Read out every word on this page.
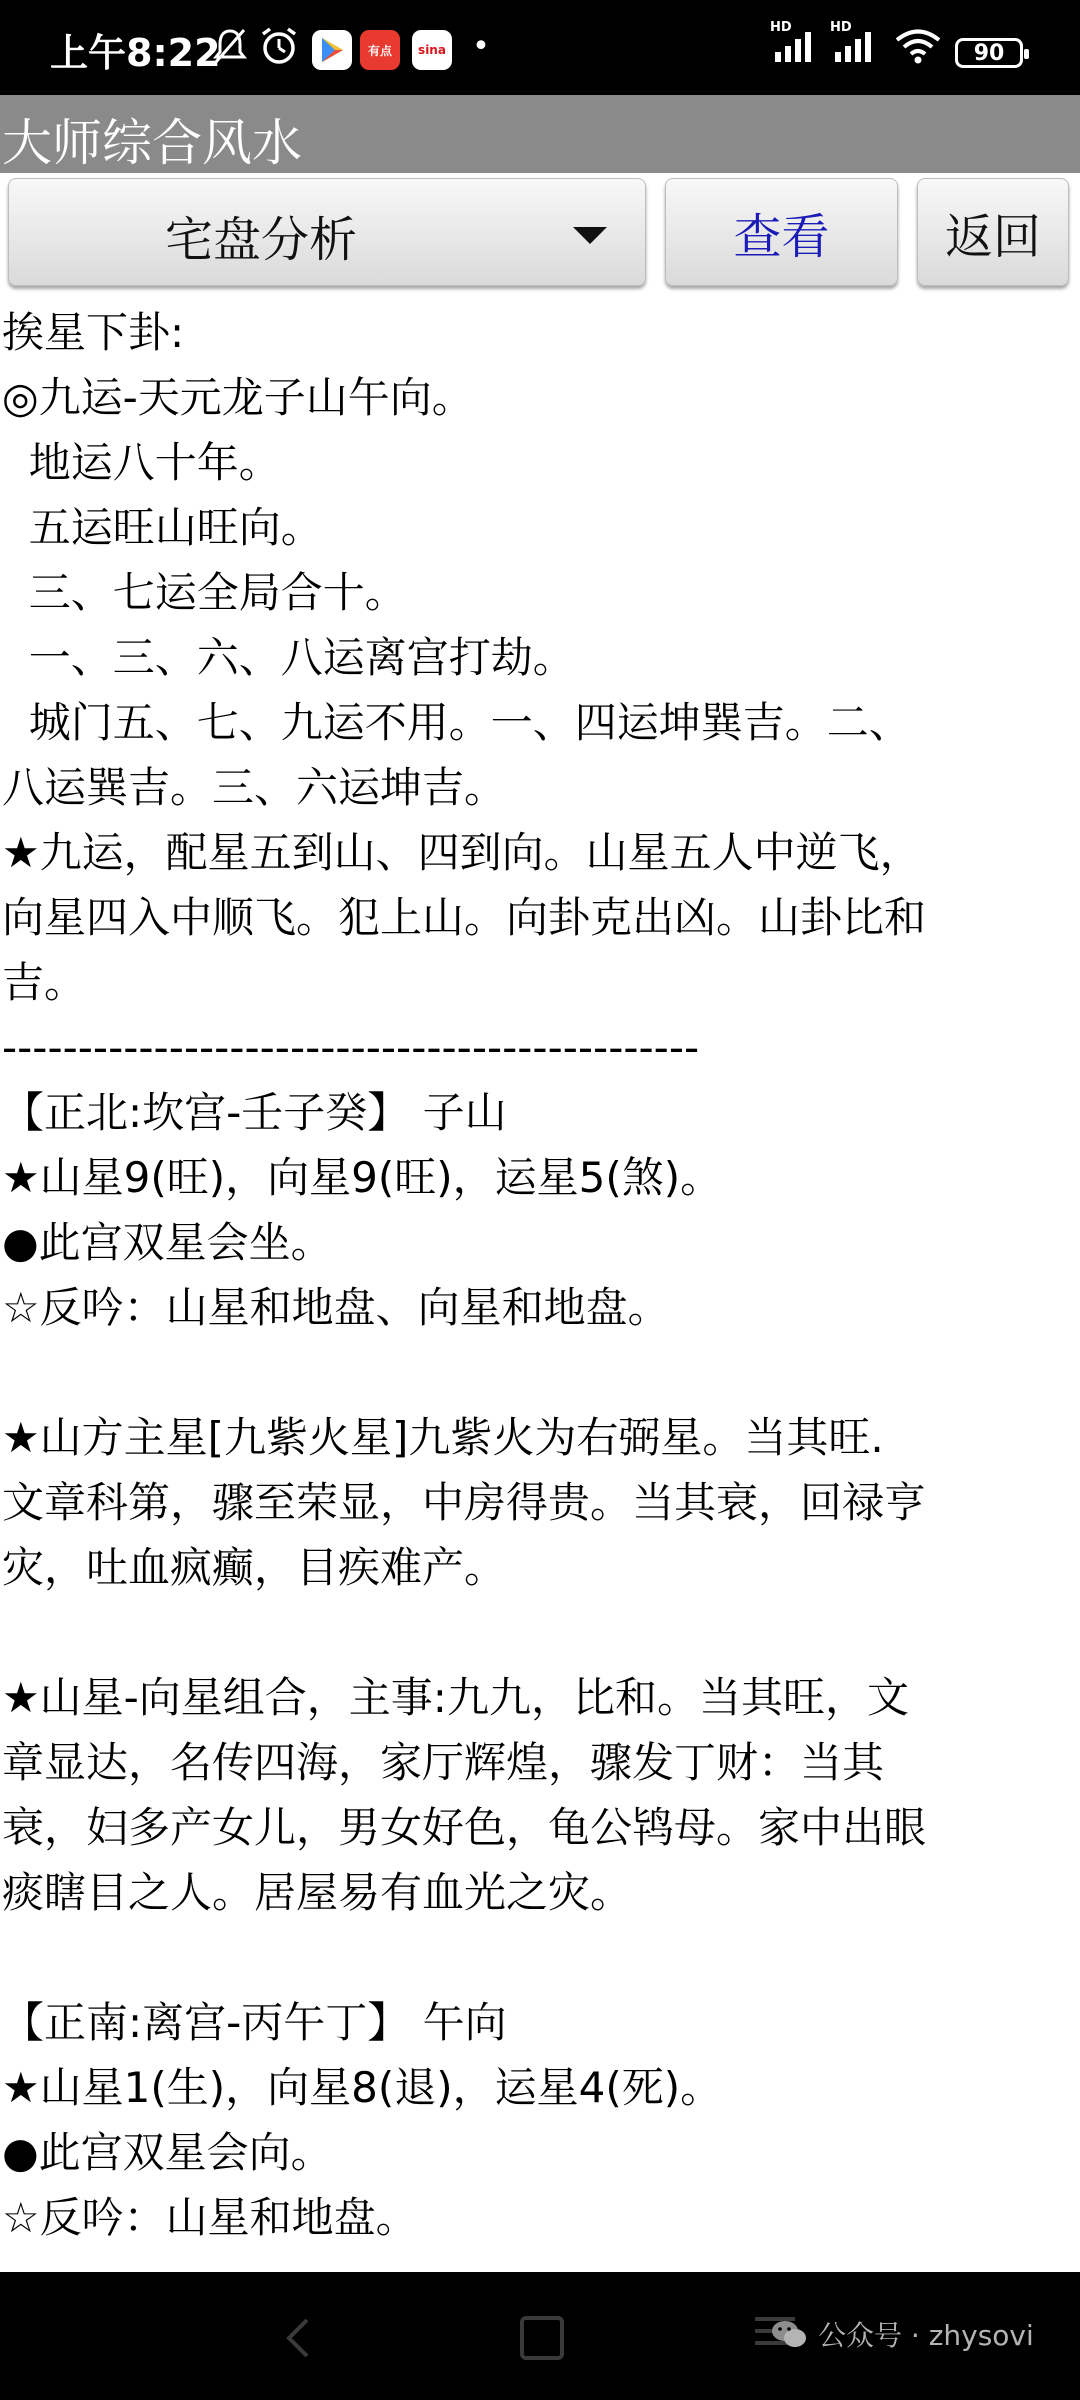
上午8:22	有点	sina •
HD	HD
90
大师综合风水
宅盘分析	查看	返回
挨星下卦:
◎九运-天元龙子山午向。
地运八十年。
五运旺山旺向。
三、七运全局合十。
一、三、六、八运离宫打劫。
城门五、七、九运不用。一、四运坤巽吉。二、
八运巽吉。三、六运坤吉。
★九运，配星五到山、四到向。山星五人中逆飞，
向星四入中顺飞。犯上山。向卦克出凶。山卦比和
吉。
----------------------------------------------
【正北:坎宫-壬子癸】 子山
★山星9(旺)，向星9(旺)，运星5(煞)。
●此宫双星会坐。
☆反吟：山星和地盘、向星和地盘。
★山方主星[九紫火星]九紫火为右弼星。当其旺.
文章科第，骤至荣显，中房得贵。当其衰，回禄亨
灾，吐血疯癫，目疾难产。
★山星-向星组合，主事:九九，比和。当其旺，文
章显达，名传四海，家厅辉煌，骤发丁财：当其
衰，妇多产女儿，男女好色，龟公鸨母。家中出眼
痰瞎目之人。居屋易有血光之灾。
【正南:离宫-丙午丁】 午向
★山星1(生)，向星8(退)，运星4(死)。
●此宫双星会向。
☆反吟：山星和地盘。
公众号 · zhysovi
